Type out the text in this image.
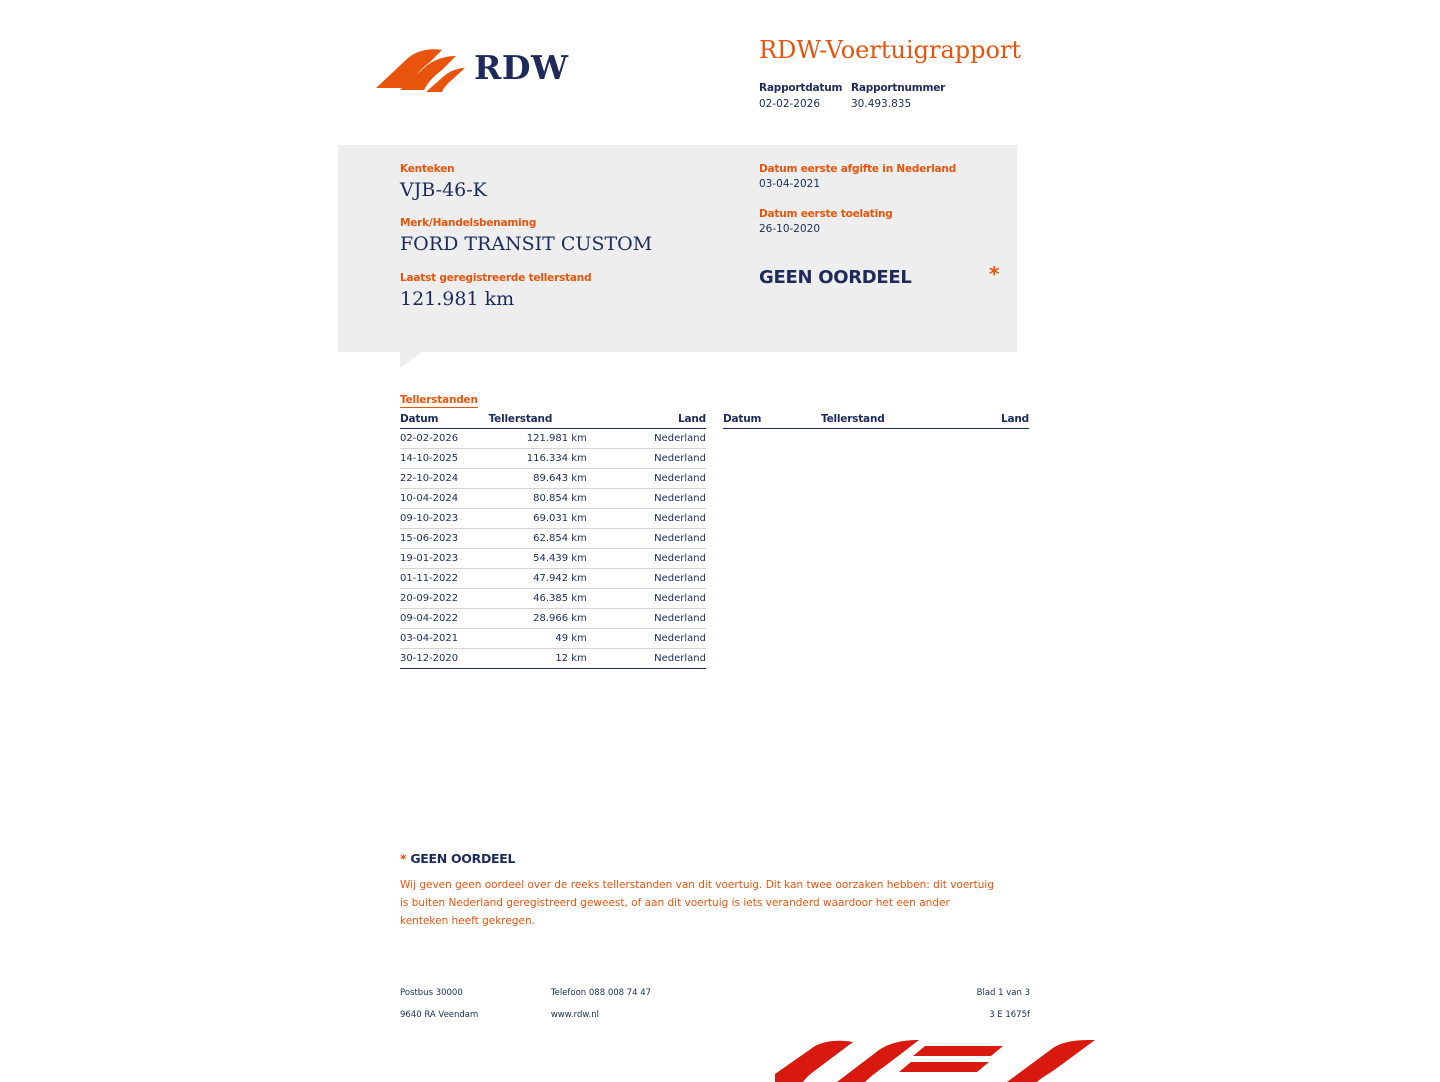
RDW	RDW-Voertuigrapport
Rapportdatum Rapportnummer
02-02-2026	30.493.835
Kenteken
VJB-46-K
Merk/Handelsbenaming
FORD TRANSIT CUSTOM
Laatst geregistreerde tellerstand
121.981 km
Datum eerste afgifte in Nederland
03-04-2021
Datum eerste toelating
26-10-2020
GEEN OORDEEL	*
Tellerstanden
Datum	Tellerstand	Land
02-02-2026	121.981 km	Nederland
14-10-2025	116.334 km	Nederland
22-10-2024	89.643 km	Nederland
10-04-2024	80.854 km	Nederland
09-10-2023	69.031 km	Nederland
15-06-2023	62.854 km	Nederland
19-01-2023	54.439 km	Nederland
01-11-2022	47.942 km	Nederland
20-09-2022	46.385 km	Nederland
09-04-2022	28.966 km	Nederland
03-04-2021	49 km	Nederland
30-12-2020	12 km	Nederland
Datum	Tellerstand	Land
* GEEN OORDEEL
Wij geven geen oordeel over de reeks tellerstanden van dit voertuig. Dit kan twee oorzaken hebben: dit voertuig is buiten Nederland geregistreerd geweest, of aan dit voertuig is iets veranderd waardoor het een ander kenteken heeft gekregen.
Postbus 30000	Telefoon 088 008 74 47	Blad 1 van 3
9640 RA Veendam	www.rdw.nl	3 E 1675f
